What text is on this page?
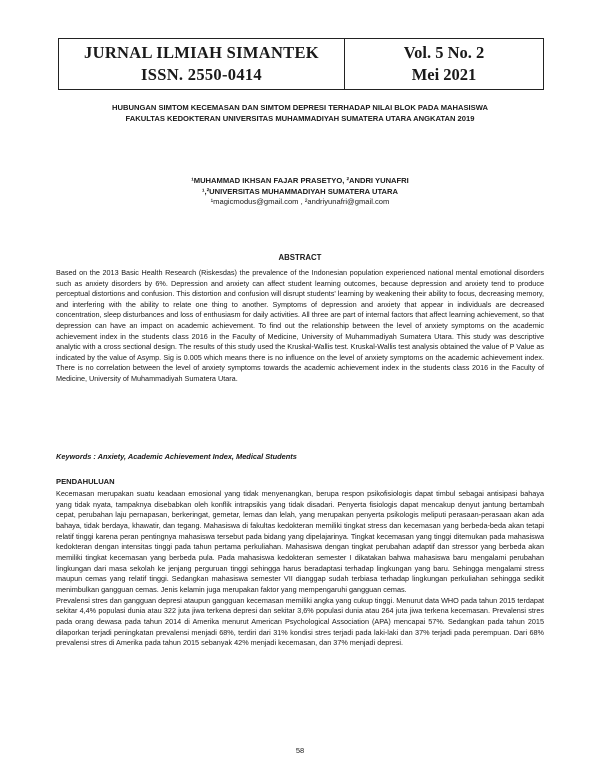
JURNAL ILMIAH SIMANTEK
ISSN. 2550-0414
Vol. 5 No. 2
Mei 2021
HUBUNGAN SIMTOM KECEMASAN DAN SIMTOM DEPRESI TERHADAP NILAI BLOK PADA MAHASISWA
FAKULTAS KEDOKTERAN UNIVERSITAS MUHAMMADIYAH SUMATERA UTARA ANGKATAN 2019
¹MUHAMMAD IKHSAN FAJAR PRASETYO, ²ANDRI YUNAFRI
¹,²UNIVERSITAS MUHAMMADIYAH SUMATERA UTARA
¹magicmodus@gmail.com , ²andriyunafri@gmail.com
ABSTRACT
Based on the 2013 Basic Health Research (Riskesdas) the prevalence of the Indonesian population experienced national mental emotional disorders such as anxiety disorders by 6%. Depression and anxiety can affect student learning outcomes, because depression and anxiety tend to produce perceptual distortions and confusion. This distortion and confusion will disrupt students' learning by weakening their ability to focus, decreasing memory, and interfering with the ability to relate one thing to another. Symptoms of depression and anxiety that appear in individuals are decreased concentration, sleep disturbances and loss of enthusiasm for daily activities. All three are part of internal factors that affect learning achievement, so that depression can have an impact on academic achievement. To find out the relationship between the level of anxiety symptoms on the academic achievement index in the students class 2016 in the Faculty of Medicine, University of Muhammadiyah Sumatera Utara. This study was descriptive analytic with a cross sectional design. The results of this study used the Kruskal-Wallis test. Kruskal-Wallis test analysis obtained the value of P Value as indicated by the value of Asymp. Sig is 0.005 which means there is no influence on the level of anxiety symptoms on the academic achievement index. There is no correlation between the level of anxiety symptoms towards the academic achievement index in the students class 2016 in the Faculty of Medicine, University of Muhammadiyah Sumatera Utara.
Keywords : Anxiety, Academic Achievement Index, Medical Students
PENDAHULUAN

Kecemasan merupakan suatu keadaan emosional yang tidak menyenangkan, berupa respon psikofisiologis dapat timbul sebagai antisipasi bahaya yang tidak nyata, tampaknya disebabkan oleh konflik intrapsikis yang tidak disadari. Penyerta fisiologis dapat mencakup denyut jantung bertambah cepat, perubahan laju pernapasan, berkeringat, gemetar, lemas dan lelah, yang merupakan penyerta psikologis meliputi perasaan-perasaan akan ada bahaya, tidak berdaya, khawatir, dan tegang. Mahasiswa di fakultas kedokteran memiliki tingkat stress dan kecemasan yang berbeda-beda akan tetapi relatif tinggi karena peran pentingnya mahasiswa tersebut pada bidang yang dipelajarinya. Tingkat kecemasan yang tinggi ditemukan pada mahasiswa kedokteran dengan intensitas tinggi pada tahun pertama perkuliahan. Mahasiswa dengan tingkat perubahan adaptif dan stressor yang berbeda akan memiliki tingkat kecemasan yang berbeda pula. Pada mahasiswa kedokteran semester I dikatakan bahwa mahasiswa baru mengalami perubahan lingkungan dari masa sekolah ke jenjang perguruan tinggi sehingga harus beradaptasi terhadap lingkungan yang baru. Sehingga mengalami stress maupun cemas yang relatif tinggi. Sedangkan mahasiswa semester VII dianggap sudah terbiasa terhadap lingkungan perkuliahan sehingga sedikit menimbulkan gangguan cemas. Jenis kelamin juga merupakan faktor yang mempengaruhi gangguan cemas.

Prevalensi stres dan gangguan depresi ataupun gangguan kecemasan memiliki angka yang cukup tinggi. Menurut data WHO pada tahun 2015 terdapat sekitar 4,4% populasi dunia atau 322 juta jiwa terkena depresi dan sekitar 3,6% populasi dunia atau 264 juta jiwa terkena kecemasan. Prevalensi stres pada orang dewasa pada tahun 2014 di Amerika menurut American Psychological Association (APA) mencapai 57%. Sedangkan pada tahun 2015 dilaporkan terjadi peningkatan prevalensi menjadi 68%, terdiri dari 31% kondisi stres terjadi pada laki-laki dan 37% terjadi pada perempuan. Dari 68% prevalensi stres di Amerika pada tahun 2015 sebanyak 42% menjadi kecemasan, dan 37% menjadi depresi.

58
